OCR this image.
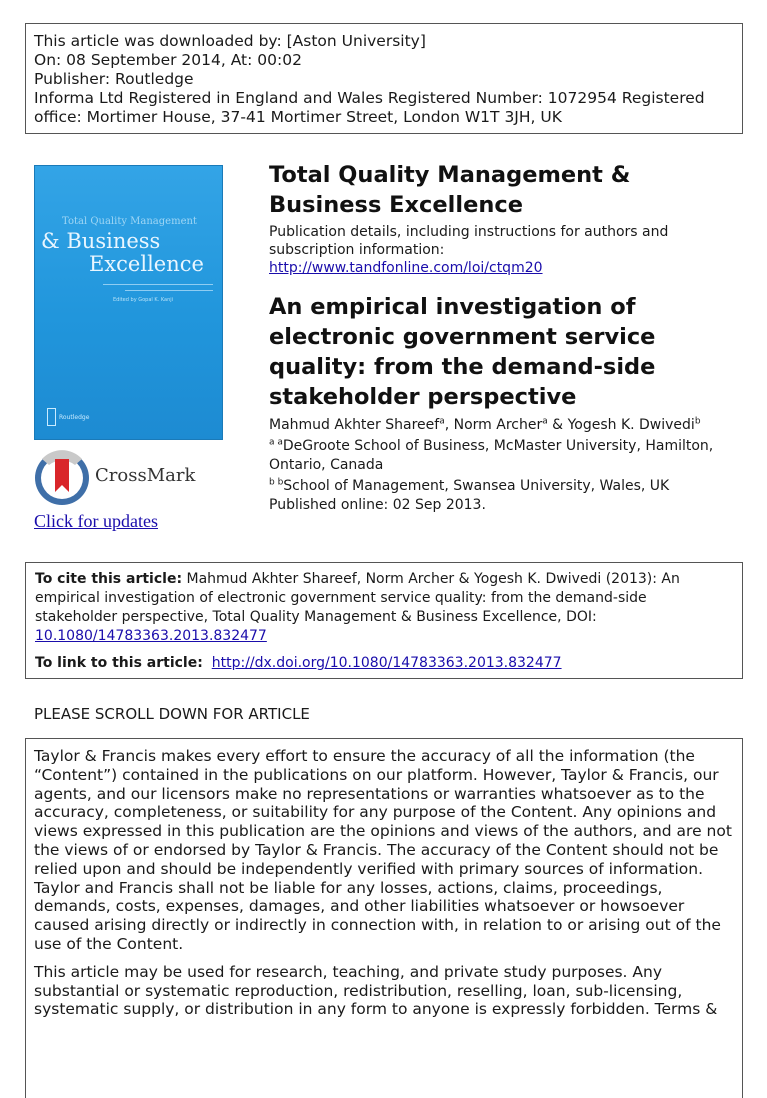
This article was downloaded by: [Aston University]
On: 08 September 2014, At: 00:02
Publisher: Routledge
Informa Ltd Registered in England and Wales Registered Number: 1072954 Registered
office: Mortimer House, 37-41 Mortimer Street, London W1T 3JH, UK
Total Quality Management
& Business
Excellence
Edited by Gopal K. Kanji
Routledge
CrossMark
Click for updates
Total Quality Management & Business Excellence
Publication details, including instructions for authors and subscription information:
http://www.tandfonline.com/loi/ctqm20
An empirical investigation of electronic government service quality: from the demand-side stakeholder perspective
Mahmud Akhter Shareef$^a$, Norm Archer$^a$ & Yogesh K. Dwivedi$^b$
$^{a a}$DeGroote School of Business, McMaster University, Hamilton, Ontario, Canada
$^{b b}$School of Management, Swansea University, Wales, UK
Published online: 02 Sep 2013.
To cite this article: Mahmud Akhter Shareef, Norm Archer & Yogesh K. Dwivedi (2013): An empirical investigation of electronic government service quality: from the demand-side stakeholder perspective, Total Quality Management & Business Excellence, DOI: 10.1080/14783363.2013.832477
To link to this article: http://dx.doi.org/10.1080/14783363.2013.832477
PLEASE SCROLL DOWN FOR ARTICLE

Taylor & Francis makes every effort to ensure the accuracy of all the information (the “Content”) contained in the publications on our platform. However, Taylor & Francis, our agents, and our licensors make no representations or warranties whatsoever as to the accuracy, completeness, or suitability for any purpose of the Content. Any opinions and views expressed in this publication are the opinions and views of the authors, and are not the views of or endorsed by Taylor & Francis. The accuracy of the Content should not be relied upon and should be independently verified with primary sources of information. Taylor and Francis shall not be liable for any losses, actions, claims, proceedings, demands, costs, expenses, damages, and other liabilities whatsoever or howsoever caused arising directly or indirectly in connection with, in relation to or arising out of the use of the Content.

This article may be used for research, teaching, and private study purposes. Any substantial or systematic reproduction, redistribution, reselling, loan, sub-licensing, systematic supply, or distribution in any form to anyone is expressly forbidden. Terms &
